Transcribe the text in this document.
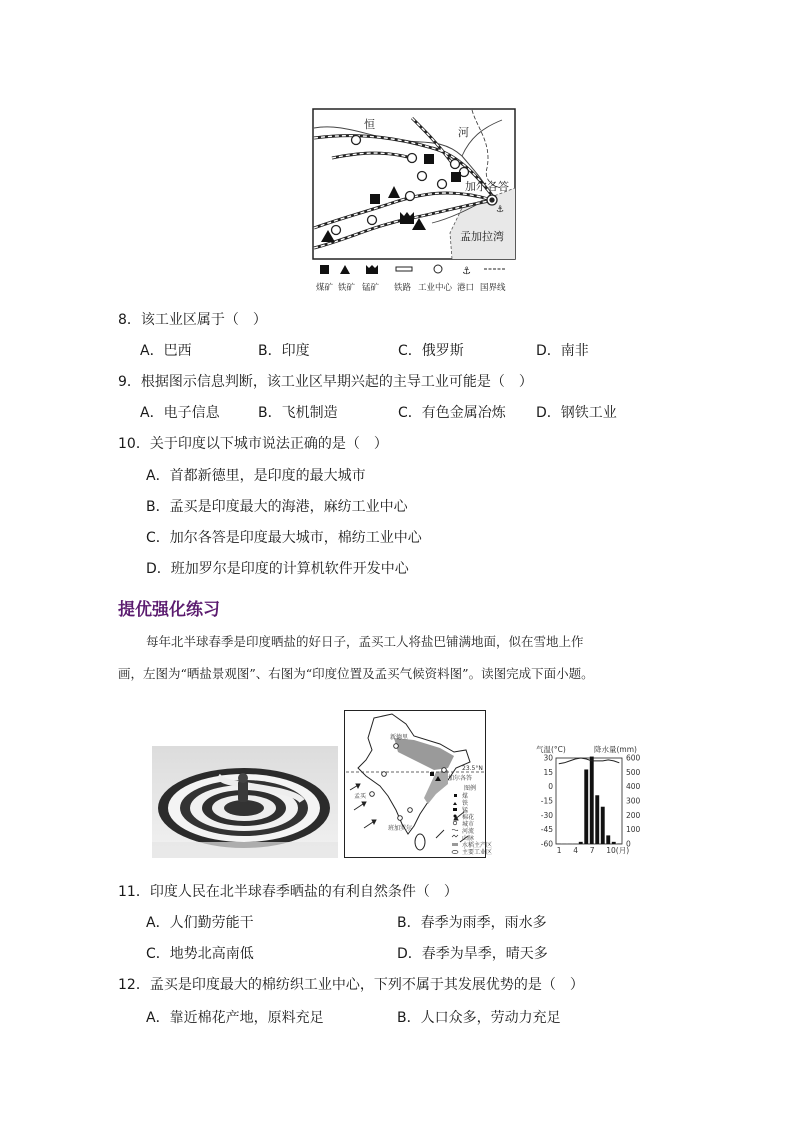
⚓
恒
河
加尔各答
孟加拉湾
⚓
煤矿 铁矿 锰矿 铁路 工业中心 港口 国界线
8．该工业区属于（　）
A．巴西	B．印度	C．俄罗斯	D．南非
9．根据图示信息判断，该工业区早期兴起的主导工业可能是（　）
A．电子信息	B．飞机制造	C．有色金属冶炼 D．钢铁工业
10．关于印度以下城市说法正确的是（　）
A．首都新德里，是印度的最大城市
B．孟买是印度最大的海港，麻纺工业中心
C．加尔各答是印度最大城市，棉纺工业中心
D．班加罗尔是印度的计算机软件开发中心
提优强化练习
每年北半球春季是印度晒盐的好日子，孟买工人将盐巴铺满地面，似在雪地上作
画，左图为“晒盐景观图”、右图为“印度位置及孟买气候资料图”。读图完成下面小题。
新德里
加尔各答
孟买
班加罗尔
23.5°N
图例
煤
铁
锰
棉花
城市
河流
山脉
水稻主产区
主要工业区
气温(°C)	降水量(mm)
30
15
0
-15
-30
-45
-60
600
500
400
300
200
100
0
1 4 7 10(月)
11．印度人民在北半球春季晒盐的有利自然条件（　）
A．人们勤劳能干	B．春季为雨季，雨水多
C．地势北高南低	D．春季为旱季，晴天多
12．孟买是印度最大的棉纺织工业中心，下列不属于其发展优势的是（　）
A．靠近棉花产地，原料充足	B．人口众多，劳动力充足
